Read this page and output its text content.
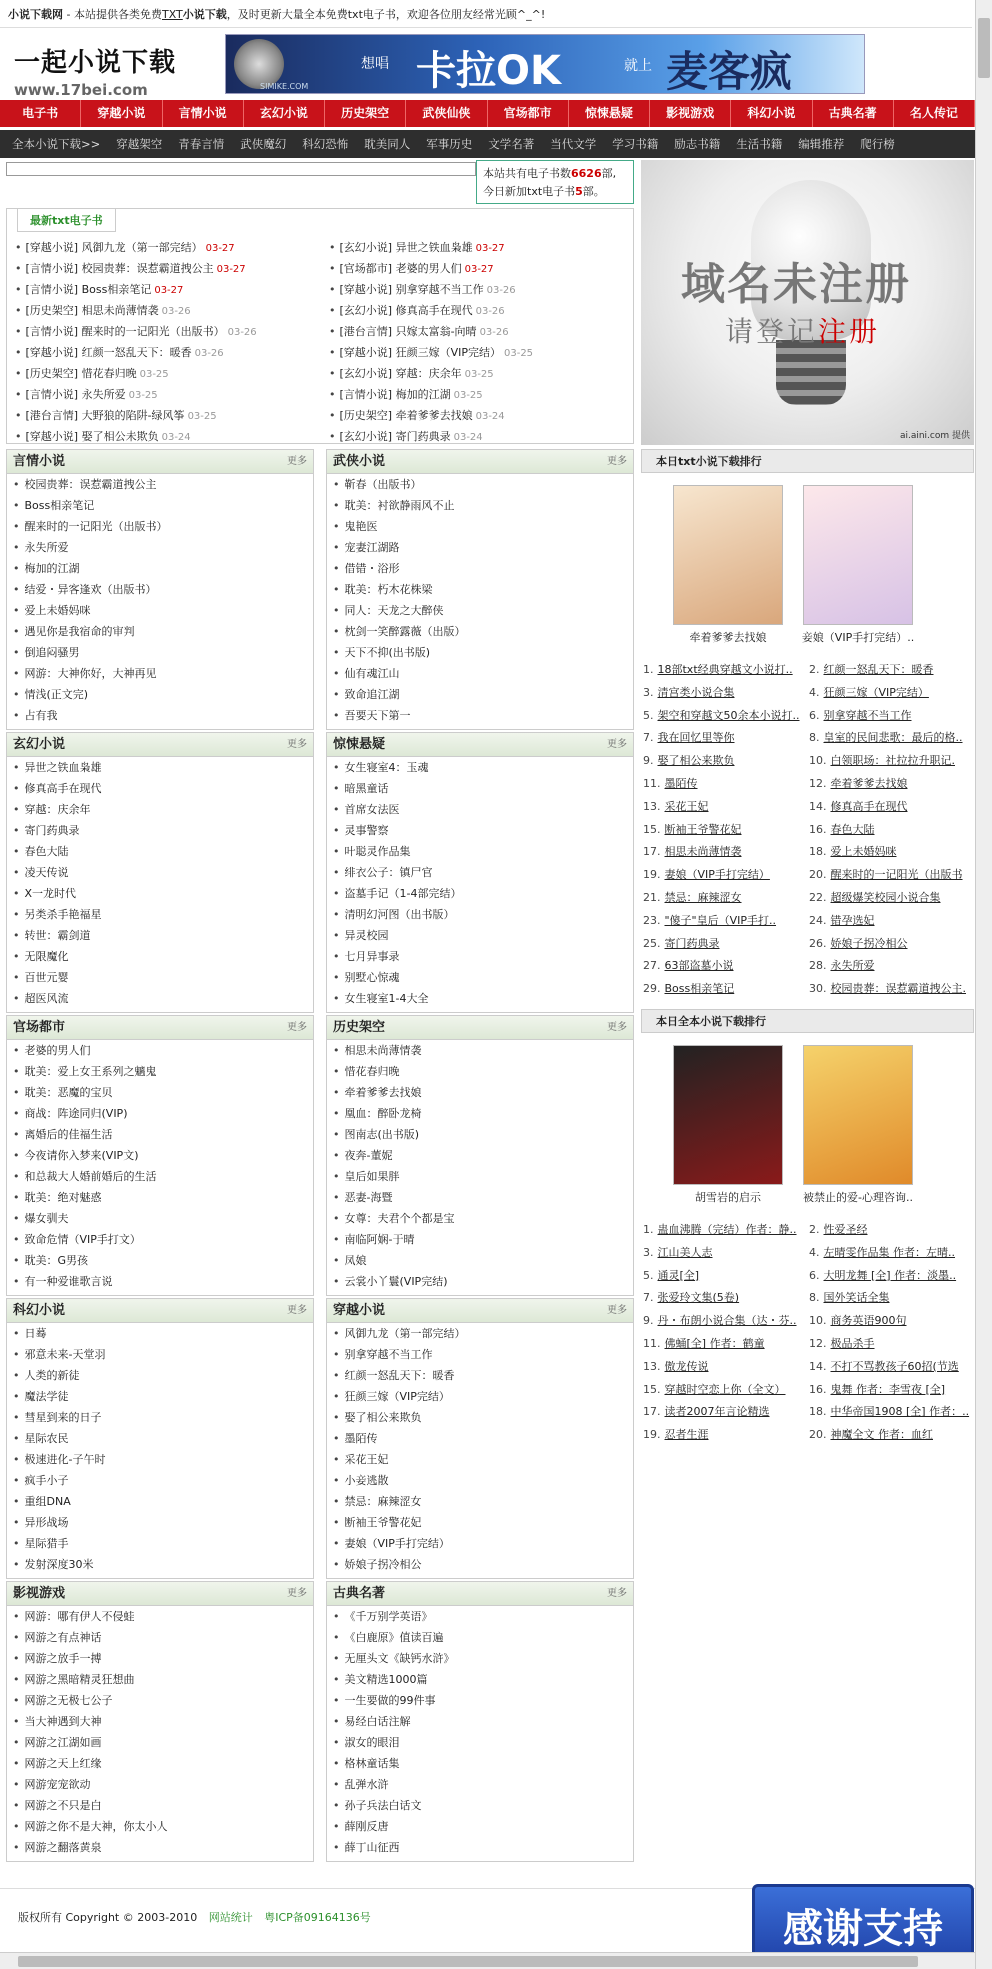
小说下载网 - 本站提供各类免费TXT小说下载，及时更新大量全本免费txt电子书，欢迎各位朋友经常光顾^_^!
一起小说下载
www.17bei.com	SIMIKE.COM
想唱 卡拉OK	就上 麦客疯
电子书	穿越小说	言情小说	玄幻小说	历史架空	武侠仙侠	官场都市	惊悚悬疑	影视游戏	科幻小说	古典名著	名人传记
全本小说下载>>	穿越架空	青春言情	武侠魔幻	科幻恐怖	耽美同人	军事历史	文学名著	当代文学	学习书籍	励志书籍	生活书籍	编辑推荐	爬行榜
本站共有电子书数6626部,
今日新加txt电子书5部。
域名未注册
请登记注册
ai.aini.com 提供
最新txt电子书
• [穿越小说] 风御九龙（第一部完结） 03-27
• [言情小说] 校园贵葬：误惹霸道拽公主 03-27
• [言情小说] Boss相亲笔记 03-27
• [历史架空] 相思未尚薄情袭 03-26
• [言情小说] 醒来时的一记阳光（出版书） 03-26
• [穿越小说] 红颜一怒乱天下：暖香 03-26
• [历史架空] 惜花春归晚 03-25
• [言情小说] 永失所爱 03-25
• [港台言情] 大野狼的陷阱-绿风筝 03-25
• [穿越小说] 娶了相公未欺负 03-24
• [玄幻小说] 异世之铁血枭雄 03-27
• [官场都市] 老婆的男人们 03-27
• [穿越小说] 别拿穿越不当工作 03-26
• [玄幻小说] 修真高手在现代 03-26
• [港台言情] 只嫁太富翁-向晴 03-26
• [穿越小说] 狂颜三嫁（VIP完结） 03-25
• [玄幻小说] 穿越：庆余年 03-25
• [言情小说] 梅加的江湖 03-25
• [历史架空] 牵着爹爹去找娘 03-24
• [玄幻小说] 寄门药典录 03-24
言情小说	更多
• 校园贵葬：误惹霸道拽公主
• Boss相亲笔记
• 醒来时的一记阳光（出版书）
• 永失所爱
• 梅加的江湖
• 结爱・异客逢欢（出版书）
• 爱上未婚妈咪
• 遇见你是我宿命的审判
• 倒追闷骚男
• 网游：大神你好，大神再见
• 情浅(正文完)
• 占有我
武侠小说	更多
• 靳春（出版书）
• 耽美：衬欲静雨风不止
• 鬼艳医
• 宠妻江湖路
• 借错・浴形
• 耽美：朽木花株梁
• 同人：天龙之大醉侠
• 枕剑一笑醉露薇（出版）
• 天下不抑(出书版)
• 仙有魂江山
• 致命追江湖
• 吾要天下第一
玄幻小说	更多
• 异世之铁血枭雄
• 修真高手在现代
• 穿越：庆余年
• 寄门药典录
• 春色大陆
• 凌天传说
• X一龙时代
• 另类杀手艳福星
• 转世：霸剑道
• 无限魔化
• 百世元婴
• 超医风流
惊悚悬疑	更多
• 女生寝室4：玉魂
• 暗黑童话
• 首席女法医
• 灵事警察
• 叶聪灵作品集
• 绯衣公子：镇尸官
• 盗墓手记（1-4部完结）
• 清明幻河图（出书版）
• 异灵校园
• 七月异事录
• 别墅心惊魂
• 女生寝室1-4大全
官场都市	更多
• 老婆的男人们
• 耽美：爱上女王系列之魑鬼
• 耽美：恶魔的宝贝
• 商战：阵途同归(VIP)
• 离婚后的佳福生活
• 今夜请你入梦来(VIP文)
• 和总裁大人婚前婚后的生活
• 耽美：绝对魅惑
• 爆女驯夫
• 致命危情（VIP手打文）
• 耽美：G男孩
• 有一种爱谁歌言说
历史架空	更多
• 相思未尚薄情袭
• 惜花春归晚
• 牵着爹爹去找娘
• 凰血：醉卧龙椅
• 图南志(出书版)
• 夜奔-董妮
• 皇后如果胖
• 恶妻-海暨
• 女尊：夫君个个都是宝
• 南临阿娴-于晴
• 凤娘
• 云裳小丫鬟(VIP完结)
科幻小说	更多
• 日蓦
• 邪意未来-天堂羽
• 人类的新徒
• 魔法学徒
• 彗星到来的日子
• 星际农民
• 极速进化-子午时
• 疯手小子
• 重组DNA
• 异形战场
• 星际猎手
• 发射深度30米
穿越小说	更多
• 风御九龙（第一部完结）
• 别拿穿越不当工作
• 红颜一怒乱天下：暖香
• 狂颜三嫁（VIP完结）
• 娶了相公来欺负
• 墨陌传
• 采花王妃
• 小妾逃散
• 禁忌：麻辣涩女
• 断袖王爷警花妃
• 妻娘（VIP手打完结）
• 娇娘子拐冷相公
影视游戏	更多
• 网游：哪有伊人不侵蛙
• 网游之有点神话
• 网游之放手一搏
• 网游之黑暗精灵狂想曲
• 网游之无极七公子
• 当大神遇到大神
• 网游之江湖如画
• 网游之天上红缘
• 网游宠宠欲动
• 网游之不只是白
• 网游之你不是大神，你太小人
• 网游之翻落黄泉
古典名著	更多
• 《千万别学英语》
• 《白鹿原》值读百遍
• 无厘头文《缺钙水浒》
• 美文精选1000篇
• 一生要做的99件事
• 易经白话注解
• 淑女的眼泪
• 格林童话集
• 乱弹水浒
• 孙子兵法白话文
• 薛刚反唐
• 薛丁山征西
本日txt小说下载排行
牵着爹爹去找娘	妾娘（VIP手打完结）..
1. 18部txt经典穿越文小说打..	2. 红颜一怒乱天下：暖香
3. 清宫类小说合集	4. 狂颜三嫁（VIP完结）
5. 架空和穿越文50余本小说打.. 6. 别拿穿越不当工作
7. 我在回忆里等你	8. 皇室的民间悲歌：最后的格..
9. 娶了相公来欺负	10. 白领职场：社拉拉升职记.
11. 墨陌传	12. 牵着爹爹去找娘
13. 采花王妃	14. 修真高手在现代
15. 断袖王爷警花妃	16. 春色大陆
17. 相思未尚薄情袭	18. 爱上未婚妈咪
19. 妻娘（VIP手打完结）	20. 醒来时的一记阳光（出版书
21. 禁忌：麻辣涩女	22. 超级爆笑校园小说合集
23. "傻子"皇后（VIP手打..	24. 错孕选妃
25. 寄门药典录	26. 娇娘子拐冷相公
27. 63部盗墓小说	28. 永失所爱
29. Boss相亲笔记	30. 校园贵葬：误惹霸道拽公主.
本日全本小说下载排行
胡雪岩的启示	被禁止的爱-心理咨询..
1. 蛊血沸腾（完结）作者：静..	2. 性爱圣经
3. 江山美人志	4. 左晴雯作品集 作者：左晴..
5. 通灵[全]	6. 大明龙舞 [全] 作者：淡墨..
7. 张爱玲文集(5卷)	8. 国外笑话全集
9. 丹・布朗小说合集（达・芬..	10. 商务英语900句
11. 佛蛹[全] 作者：鹤童	12. 极品杀手
13. 傲龙传说	14. 不打不骂教孩子60招(节选
15. 穿越时空恋上你（全文）	16. 鬼舞 作者：李雪夜 [全]
17. 读者2007年言论精选	18. 中华帝国1908 [全] 作者：..
19. 忍者生涯	20. 神魔全文 作者：血红
版权所有 Copyright © 2003-2010 网站统计 粤ICP备09164136号	感谢支持
